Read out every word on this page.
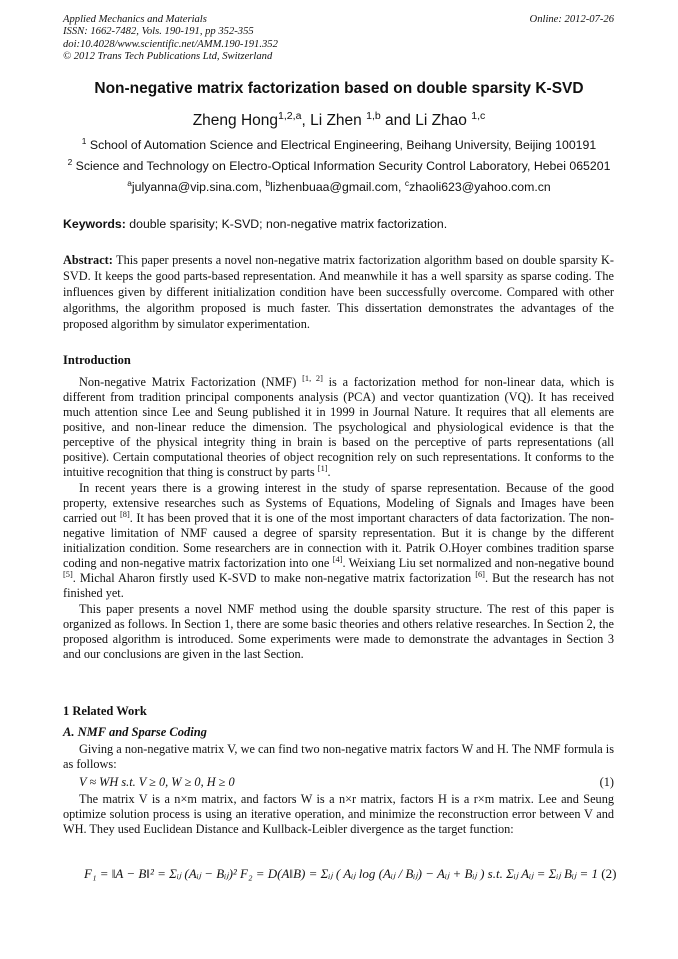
Applied Mechanics and Materials
ISSN: 1662-7482, Vols. 190-191, pp 352-355
doi:10.4028/www.scientific.net/AMM.190-191.352
© 2012 Trans Tech Publications Ltd, Switzerland
Online: 2012-07-26
Non-negative matrix factorization based on double sparsity K-SVD
Zheng Hong$^{1,2,a}$, Li Zhen $^{1,b}$ and Li Zhao $^{1,c}$
$^1$ School of Automation Science and Electrical Engineering, Beihang University, Beijing 100191
$^2$ Science and Technology on Electro-Optical Information Security Control Laboratory, Hebei 065201
$^a$julyanna@vip.sina.com, $^b$lizhenbuaa@gmail.com, $^c$zhaoli623@yahoo.com.cn
Keywords: double sparisity; K-SVD; non-negative matrix factorization.
Abstract: This paper presents a novel non-negative matrix factorization algorithm based on double sparsity K-SVD. It keeps the good parts-based representation. And meanwhile it has a well sparsity as sparse coding. The influences given by different initialization condition have been successfully overcome. Compared with other algorithms, the algorithm proposed is much faster. This dissertation demonstrates the advantages of the proposed algorithm by simulator experimentation.
Introduction

Non-negative Matrix Factorization (NMF) [1, 2] is a factorization method for non-linear data, which is different from tradition principal components analysis (PCA) and vector quantization (VQ). It has received much attention since Lee and Seung published it in 1999 in Journal Nature. It requires that all elements are positive, and non-linear reduce the dimension. The psychological and physiological evidence is that the perceptive of the physical integrity thing in brain is based on the perceptive of parts representations (all positive). Certain computational theories of object recognition rely on such representations. It conforms to the intuitive recognition that thing is construct by parts [1].

In recent years there is a growing interest in the study of sparse representation. Because of the good property, extensive researches such as Systems of Equations, Modeling of Signals and Images have been carried out [8]. It has been proved that it is one of the most important characters of data factorization. The non-negative limitation of NMF caused a degree of sparsity representation. But it is change by the different initialization condition. Some researchers are in connection with it. Patrik O.Hoyer combines tradition sparse coding and non-negative matrix factorization into one [4]. Weixiang Liu set normalized and non-negative bound [5]. Michal Aharon firstly used K-SVD to make non-negative matrix factorization [6]. But the research has not finished yet.

This paper presents a novel NMF method using the double sparsity structure. The rest of this paper is organized as follows. In Section 1, there are some basic theories and others relative researches. In Section 2, the proposed algorithm is introduced. Some experiments were made to demonstrate the advantages in Section 3 and our conclusions are given in the last Section.

1 Related Work
A. NMF and Sparse Coding

Giving a non-negative matrix V, we can find two non-negative matrix factors W and H. The NMF formula is as follows:

V ≈ WH s.t. V ≥ 0, W ≥ 0, H ≥ 0	(1)

The matrix V is a n×m matrix, and factors W is a n×r matrix, factors H is a r×m matrix. Lee and Seung optimize solution process is using an iterative operation, and minimize the reconstruction error between V and WH. They used Euclidean Distance and Kullback-Leibler divergence as the target function:

F₁ = ‖A − B‖² = Σᵢⱼ (Aᵢⱼ − Bᵢⱼ)² F₂ = D(A‖B) = Σᵢⱼ ( Aᵢⱼ log (Aᵢⱼ / Bᵢⱼ) − Aᵢⱼ + Bᵢⱼ ) s.t. Σᵢⱼ Aᵢⱼ = Σᵢⱼ Bᵢⱼ = 1 (2)
